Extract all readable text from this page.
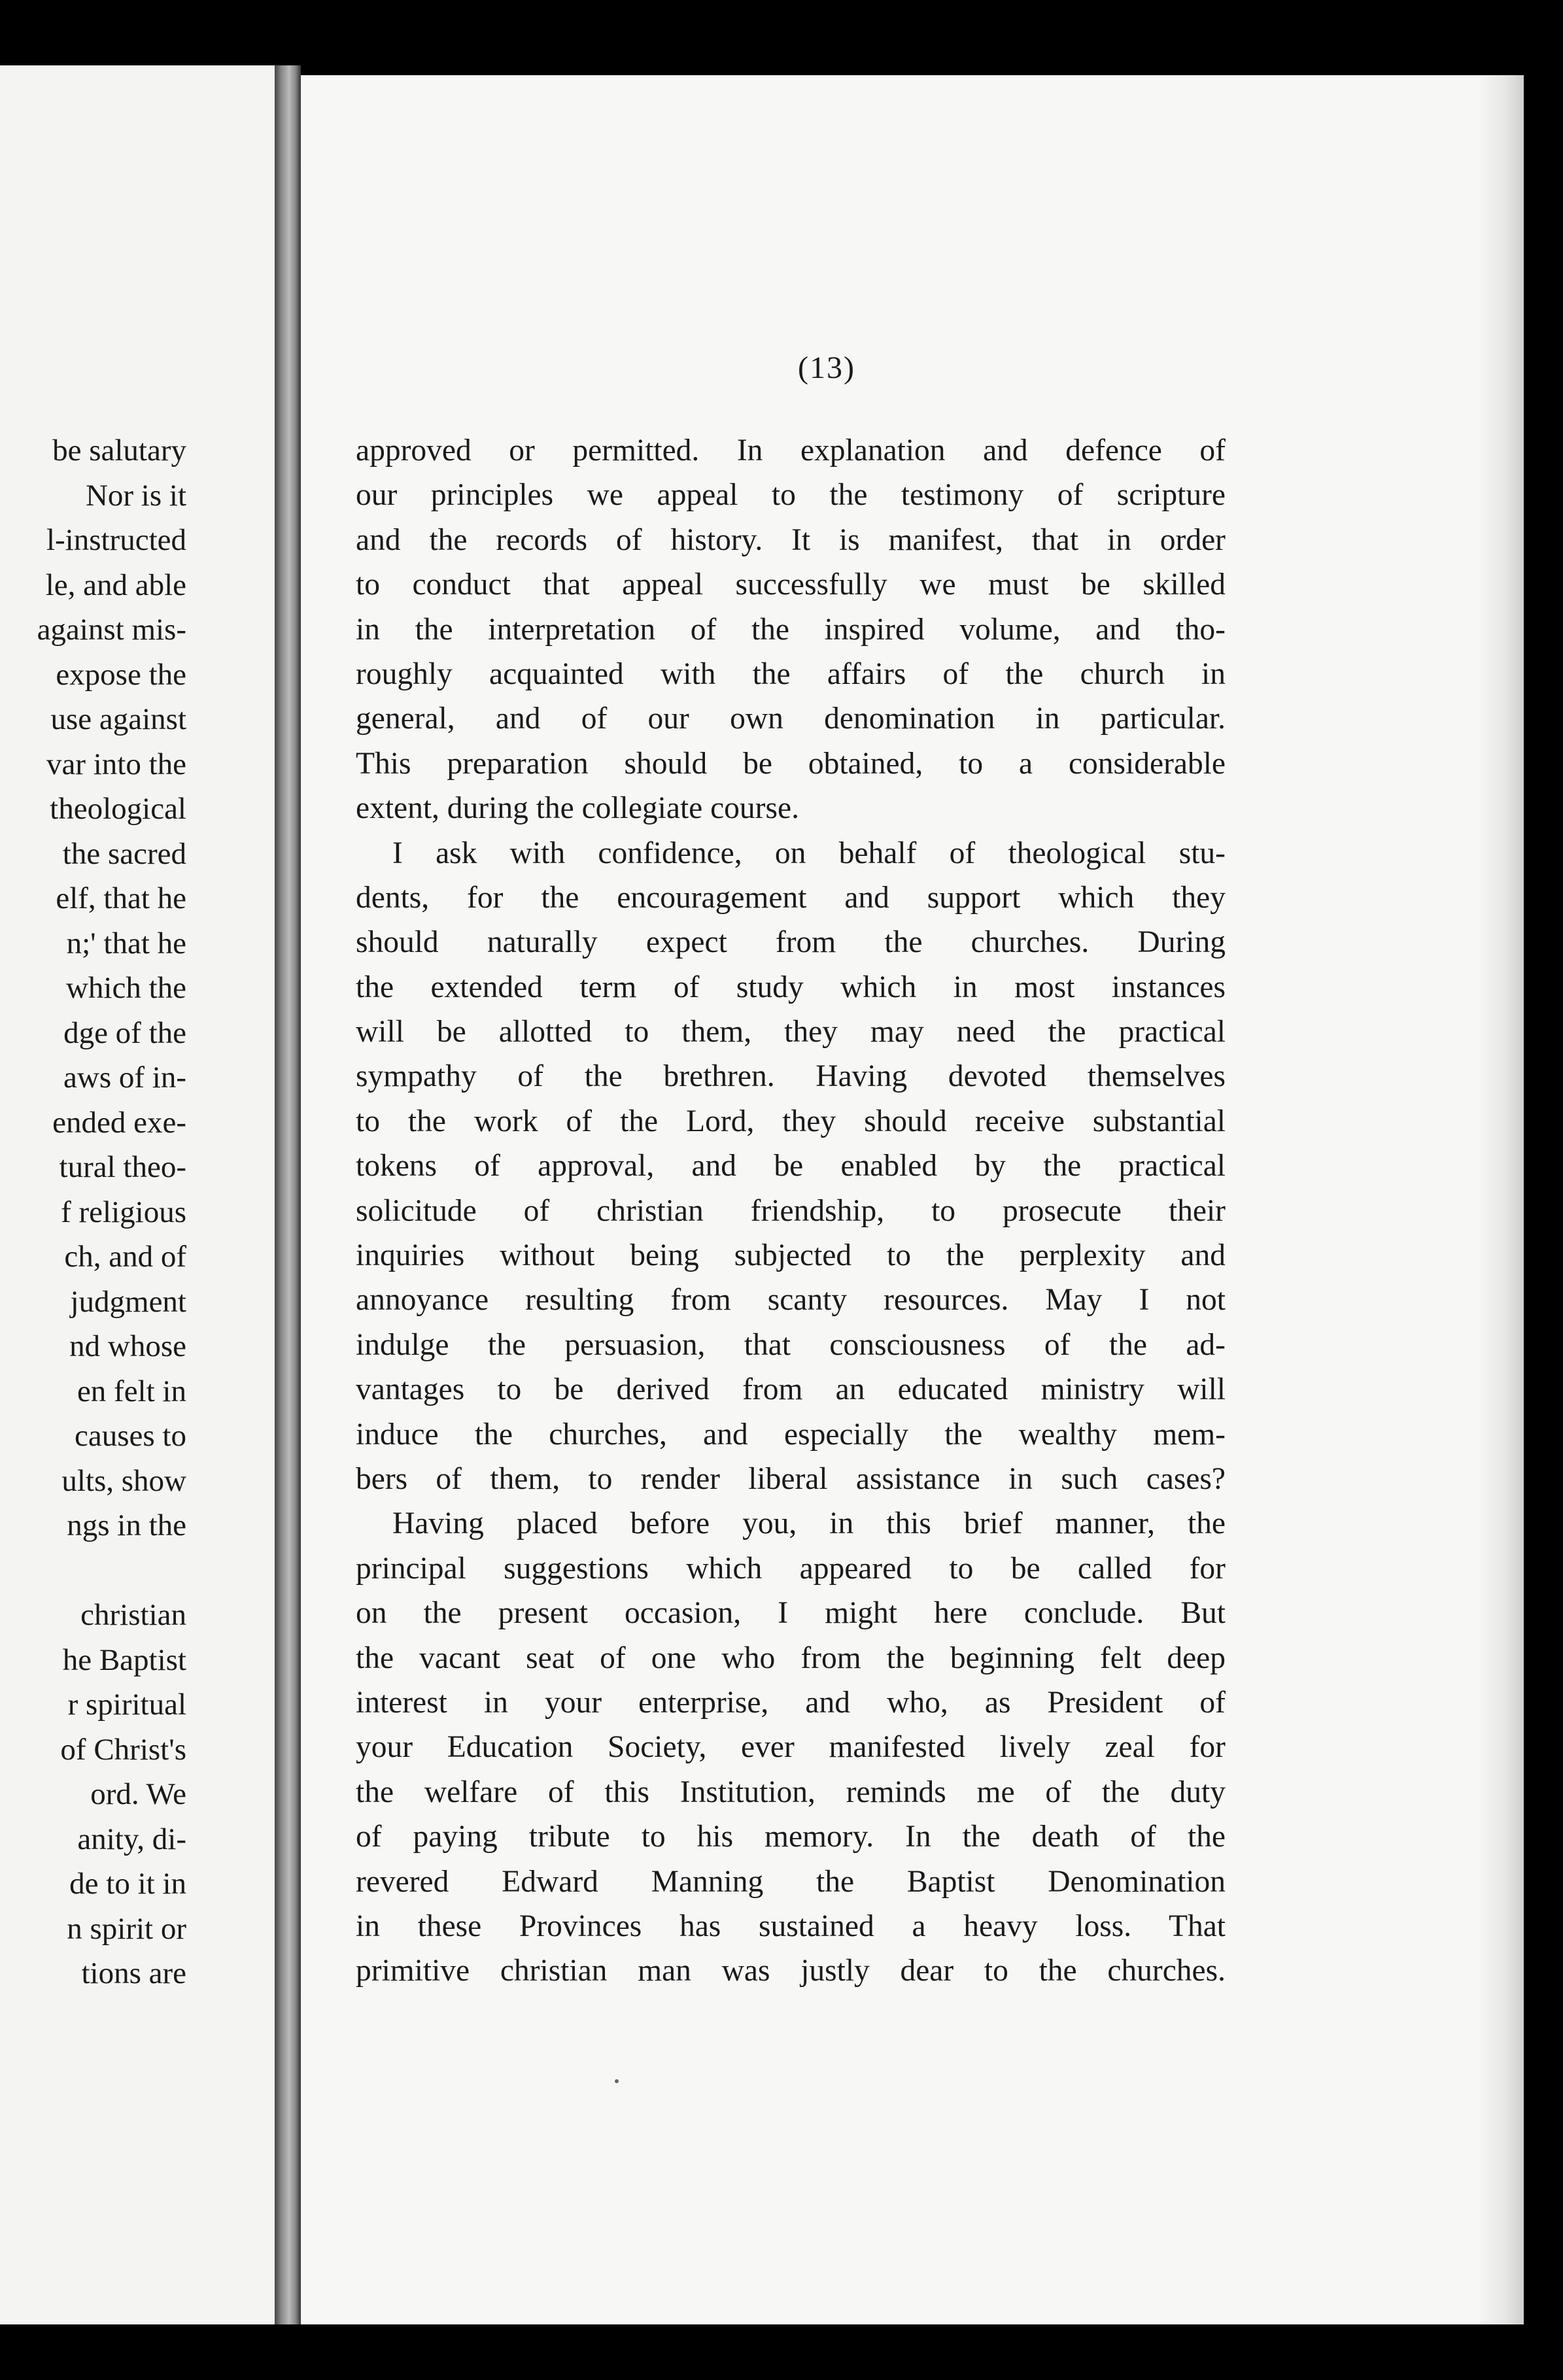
be salutary
Nor is it
l-instructed
le, and able
against mis-
expose the
use against
var into the
theological
the sacred
elf, that he
n;' that he
which the
dge of the
aws of in-
ended exe-
tural theo-
f religious
ch, and of
judgment
nd whose
en felt in
causes to
ults, show
ngs in the
christian
he Baptist
r spiritual
of Christ's
ord. We
anity, di-
de to it in
n spirit or
tions are
(13)
approved or permitted. In explanation and defence of
our principles we appeal to the testimony of scripture
and the records of history. It is manifest, that in order
to conduct that appeal successfully we must be skilled
in the interpretation of the inspired volume, and tho-
roughly acquainted with the affairs of the church in
general, and of our own denomination in particular.
This preparation should be obtained, to a considerable
extent, during the collegiate course.
I ask with confidence, on behalf of theological stu-
dents, for the encouragement and support which they
should naturally expect from the churches. During
the extended term of study which in most instances
will be allotted to them, they may need the practical
sympathy of the brethren. Having devoted themselves
to the work of the Lord, they should receive substantial
tokens of approval, and be enabled by the practical
solicitude of christian friendship, to prosecute their
inquiries without being subjected to the perplexity and
annoyance resulting from scanty resources. May I not
indulge the persuasion, that consciousness of the ad-
vantages to be derived from an educated ministry will
induce the churches, and especially the wealthy mem-
bers of them, to render liberal assistance in such cases?
Having placed before you, in this brief manner, the
principal suggestions which appeared to be called for
on the present occasion, I might here conclude. But
the vacant seat of one who from the beginning felt deep
interest in your enterprise, and who, as President of
your Education Society, ever manifested lively zeal for
the welfare of this Institution, reminds me of the duty
of paying tribute to his memory. In the death of the
revered Edward Manning the Baptist Denomination
in these Provinces has sustained a heavy loss. That
primitive christian man was justly dear to the churches.
